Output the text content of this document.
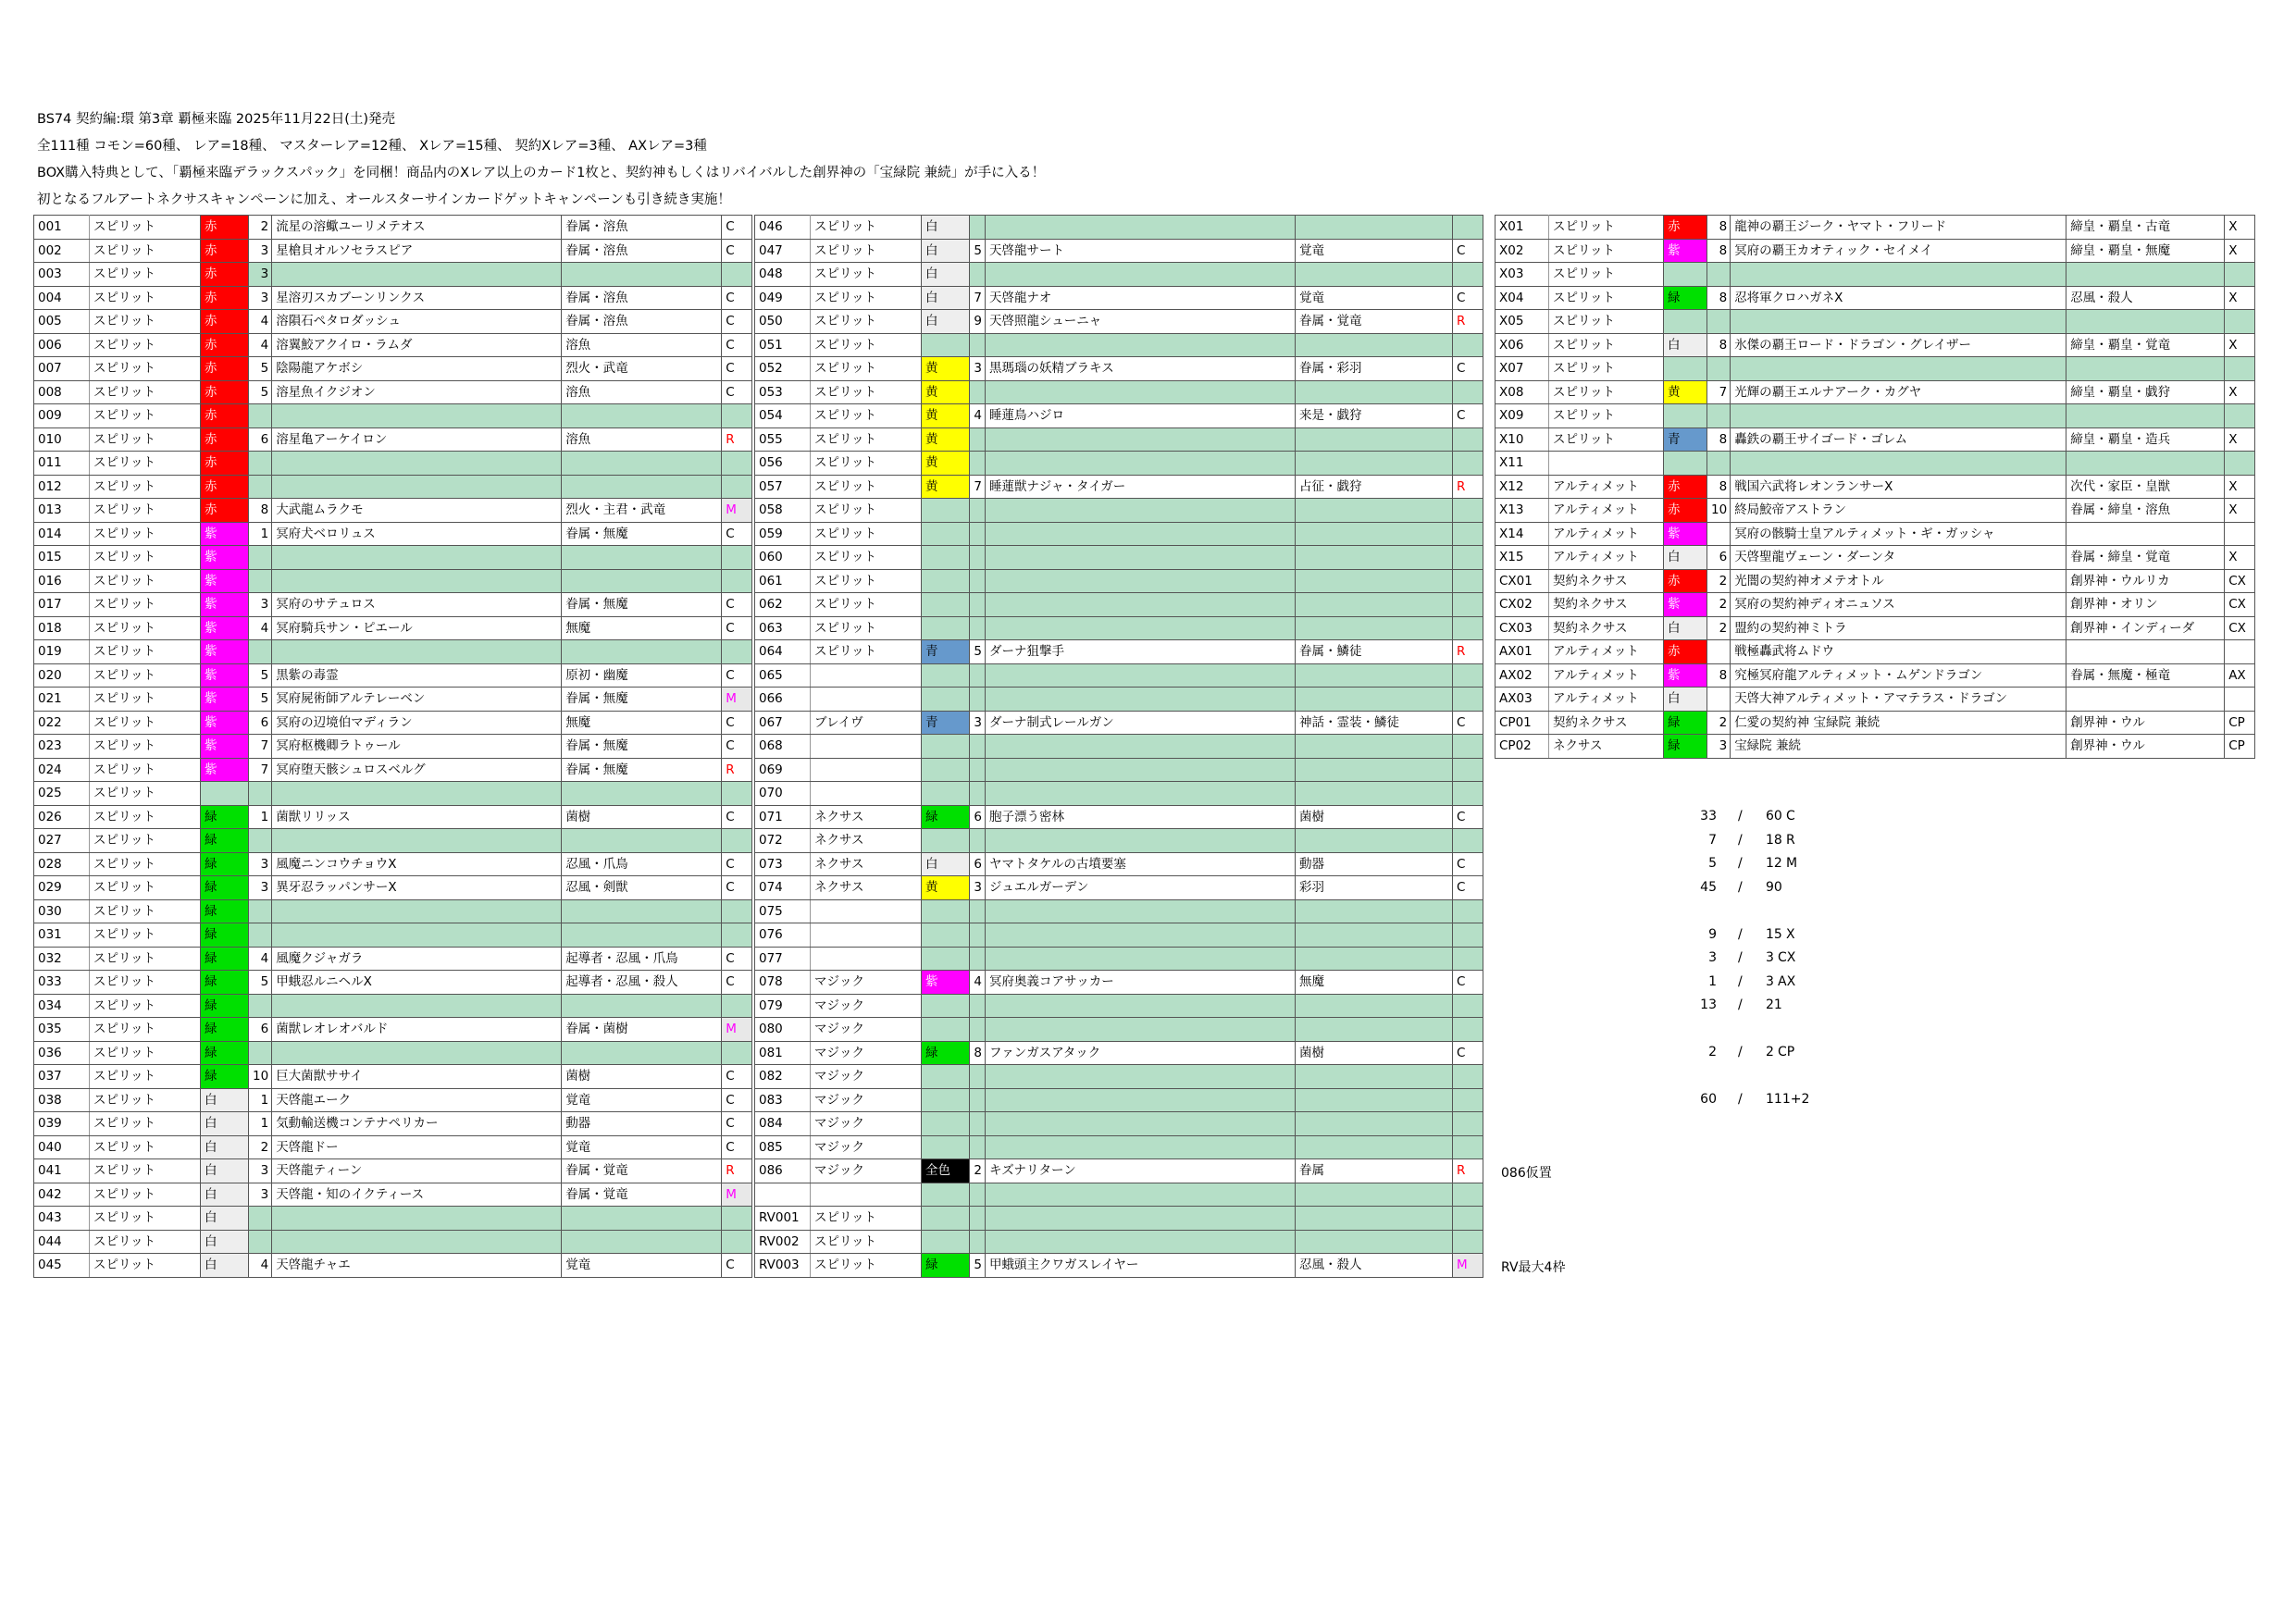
BS74 契約編:環 第3章 覇極来臨 2025年11月22日(土)発売
全111種 コモン=60種、 レア=18種、 マスターレア=12種、 Xレア=15種、 契約Xレア=3種、 AXレア=3種
BOX購入特典として、「覇極来臨デラックスパック」を同梱！商品内のXレア以上のカード1枚と、契約神もしくはリバイバルした創界神の「宝緑院 兼続」が手に入る！
初となるフルアートネクサスキャンペーンに加え、オールスターサインカードゲットキャンペーンも引き続き実施！
001	スピリット	赤	2	流星の溶蠍ユーリメテオス	眷属・溶魚	C
002	スピリット	赤	3	星槍貝オルソセラスピア	眷属・溶魚	C
003	スピリット	赤	3			
004	スピリット	赤	3	星溶刃スカブーンリンクス	眷属・溶魚	C
005	スピリット	赤	4	溶隕石ペタロダッシュ	眷属・溶魚	C
006	スピリット	赤	4	溶翼鮫アクイロ・ラムダ	溶魚	C
007	スピリット	赤	5	陰陽龍アケボシ	烈火・武竜	C
008	スピリット	赤	5	溶星魚イクジオン	溶魚	C
009	スピリット	赤				
010	スピリット	赤	6	溶星亀アーケイロン	溶魚	R
011	スピリット	赤				
012	スピリット	赤				
013	スピリット	赤	8	大武龍ムラクモ	烈火・主君・武竜	M
014	スピリット	紫	1	冥府犬ベロリュス	眷属・無魔	C
015	スピリット	紫				
016	スピリット	紫				
017	スピリット	紫	3	冥府のサテュロス	眷属・無魔	C
018	スピリット	紫	4	冥府騎兵サン・ピエール	無魔	C
019	スピリット	紫				
020	スピリット	紫	5	黒紫の毒霊	原初・幽魔	C
021	スピリット	紫	5	冥府屍術師アルテレーベン	眷属・無魔	M
022	スピリット	紫	6	冥府の辺境伯マディラン	無魔	C
023	スピリット	紫	7	冥府枢機卿ラトゥール	眷属・無魔	C
024	スピリット	紫	7	冥府堕天骸シュロスベルグ	眷属・無魔	R
025	スピリット					
026	スピリット	緑	1	菌獣リリッス	菌樹	C
027	スピリット	緑				
028	スピリット	緑	3	風魔ニンコウチョウX	忍風・爪鳥	C
029	スピリット	緑	3	異牙忍ラッパンサーX	忍風・剣獣	C
030	スピリット	緑				
031	スピリット	緑				
032	スピリット	緑	4	風魔クジャガラ	起導者・忍風・爪鳥	C
033	スピリット	緑	5	甲蛾忍ルニヘルX	起導者・忍風・殺人	C
034	スピリット	緑				
035	スピリット	緑	6	菌獣レオレオバルド	眷属・菌樹	M
036	スピリット	緑				
037	スピリット	緑	10	巨大菌獣ササイ	菌樹	C
038	スピリット	白	1	天啓龍エーク	覚竜	C
039	スピリット	白	1	気動輸送機コンテナペリカー	動器	C
040	スピリット	白	2	天啓龍ドー	覚竜	C
041	スピリット	白	3	天啓龍ティーン	眷属・覚竜	R
042	スピリット	白	3	天啓龍・知のイクティース	眷属・覚竜	M
043	スピリット	白				
044	スピリット	白				
045	スピリット	白	4	天啓龍チャエ	覚竜	C
046	スピリット	白				
047	スピリット	白	5	天啓龍サート	覚竜	C
048	スピリット	白				
049	スピリット	白	7	天啓龍ナオ	覚竜	C
050	スピリット	白	9	天啓照龍シューニャ	眷属・覚竜	R
051	スピリット					
052	スピリット	黄	3	黒瑪瑙の妖精ブラキス	眷属・彩羽	C
053	スピリット	黄				
054	スピリット	黄	4	睡蓮鳥ハジロ	来是・戯狩	C
055	スピリット	黄				
056	スピリット	黄				
057	スピリット	黄	7	睡蓮獣ナジャ・タイガー	占征・戯狩	R
058	スピリット					
059	スピリット					
060	スピリット					
061	スピリット					
062	スピリット					
063	スピリット					
064	スピリット	青	5	ダーナ狙撃手	眷属・鱗徒	R
065						
066						
067	ブレイヴ	青	3	ダーナ制式レールガン	神話・霊装・鱗徒	C
068						
069						
070						
071	ネクサス	緑	6	胞子漂う密林	菌樹	C
072	ネクサス					
073	ネクサス	白	6	ヤマトタケルの古墳要塞	動器	C
074	ネクサス	黄	3	ジュエルガーデン	彩羽	C
075						
076						
077						
078	マジック	紫	4	冥府奥義コアサッカー	無魔	C
079	マジック					
080	マジック					
081	マジック	緑	8	ファンガスアタック	菌樹	C
082	マジック					
083	マジック					
084	マジック					
085	マジック					
086	マジック	全色	2	キズナリターン	眷属	R

RV001	スピリット					
RV002	スピリット					
RV003	スピリット	緑	5	甲蛾頭主クワガスレイヤー	忍風・殺人	M
X01	スピリット	赤	8	龍神の覇王ジーク・ヤマト・フリード	締皇・覇皇・古竜	X
X02	スピリット	紫	8	冥府の覇王カオティック・セイメイ	締皇・覇皇・無魔	X
X03	スピリット					
X04	スピリット	緑	8	忍将軍クロハガネX	忍風・殺人	X
X05	スピリット					
X06	スピリット	白	8	氷傑の覇王ロード・ドラゴン・グレイザー	締皇・覇皇・覚竜	X
X07	スピリット					
X08	スピリット	黄	7	光輝の覇王エルナアーク・カグヤ	締皇・覇皇・戯狩	X
X09	スピリット					
X10	スピリット	青	8	轟鉄の覇王サイゴード・ゴレム	締皇・覇皇・造兵	X
X11						
X12	アルティメット	赤	8	戦国六武将レオンランサーX	次代・家臣・皇獣	X
X13	アルティメット	赤	10	終局鮫帝アストラン	眷属・締皇・溶魚	X
X14	アルティメット	紫		冥府の骸騎士皇アルティメット・ギ・ガッシャ		
X15	アルティメット	白	6	天啓聖龍ヴェーン・ダーンタ	眷属・締皇・覚竜	X
CX01	契約ネクサス	赤	2	光闇の契約神オメテオトル	創界神・ウルリカ	CX
CX02	契約ネクサス	紫	2	冥府の契約神ディオニュソス	創界神・オリン	CX
CX03	契約ネクサス	白	2	盟約の契約神ミトラ	創界神・インディーダ	CX
AX01	アルティメット	赤		戦極轟武将ムドウ		
AX02	アルティメット	紫	8	究極冥府龍アルティメット・ムゲンドラゴン	眷属・無魔・極竜	AX
AX03	アルティメット	白		天啓大神アルティメット・アマテラス・ドラゴン		
CP01	契約ネクサス	緑	2	仁愛の契約神 宝緑院 兼続	創界神・ウル	CP
CP02	ネクサス	緑	3	宝緑院 兼続	創界神・ウル	CP
33 / 60 C
7 / 18 R
5 / 12 M
45 / 90
9 / 15 X
3 / 3 CX
1 / 3 AX
13 / 21
2 / 2 CP
60 / 111+2
086仮置
RV最大4枠
